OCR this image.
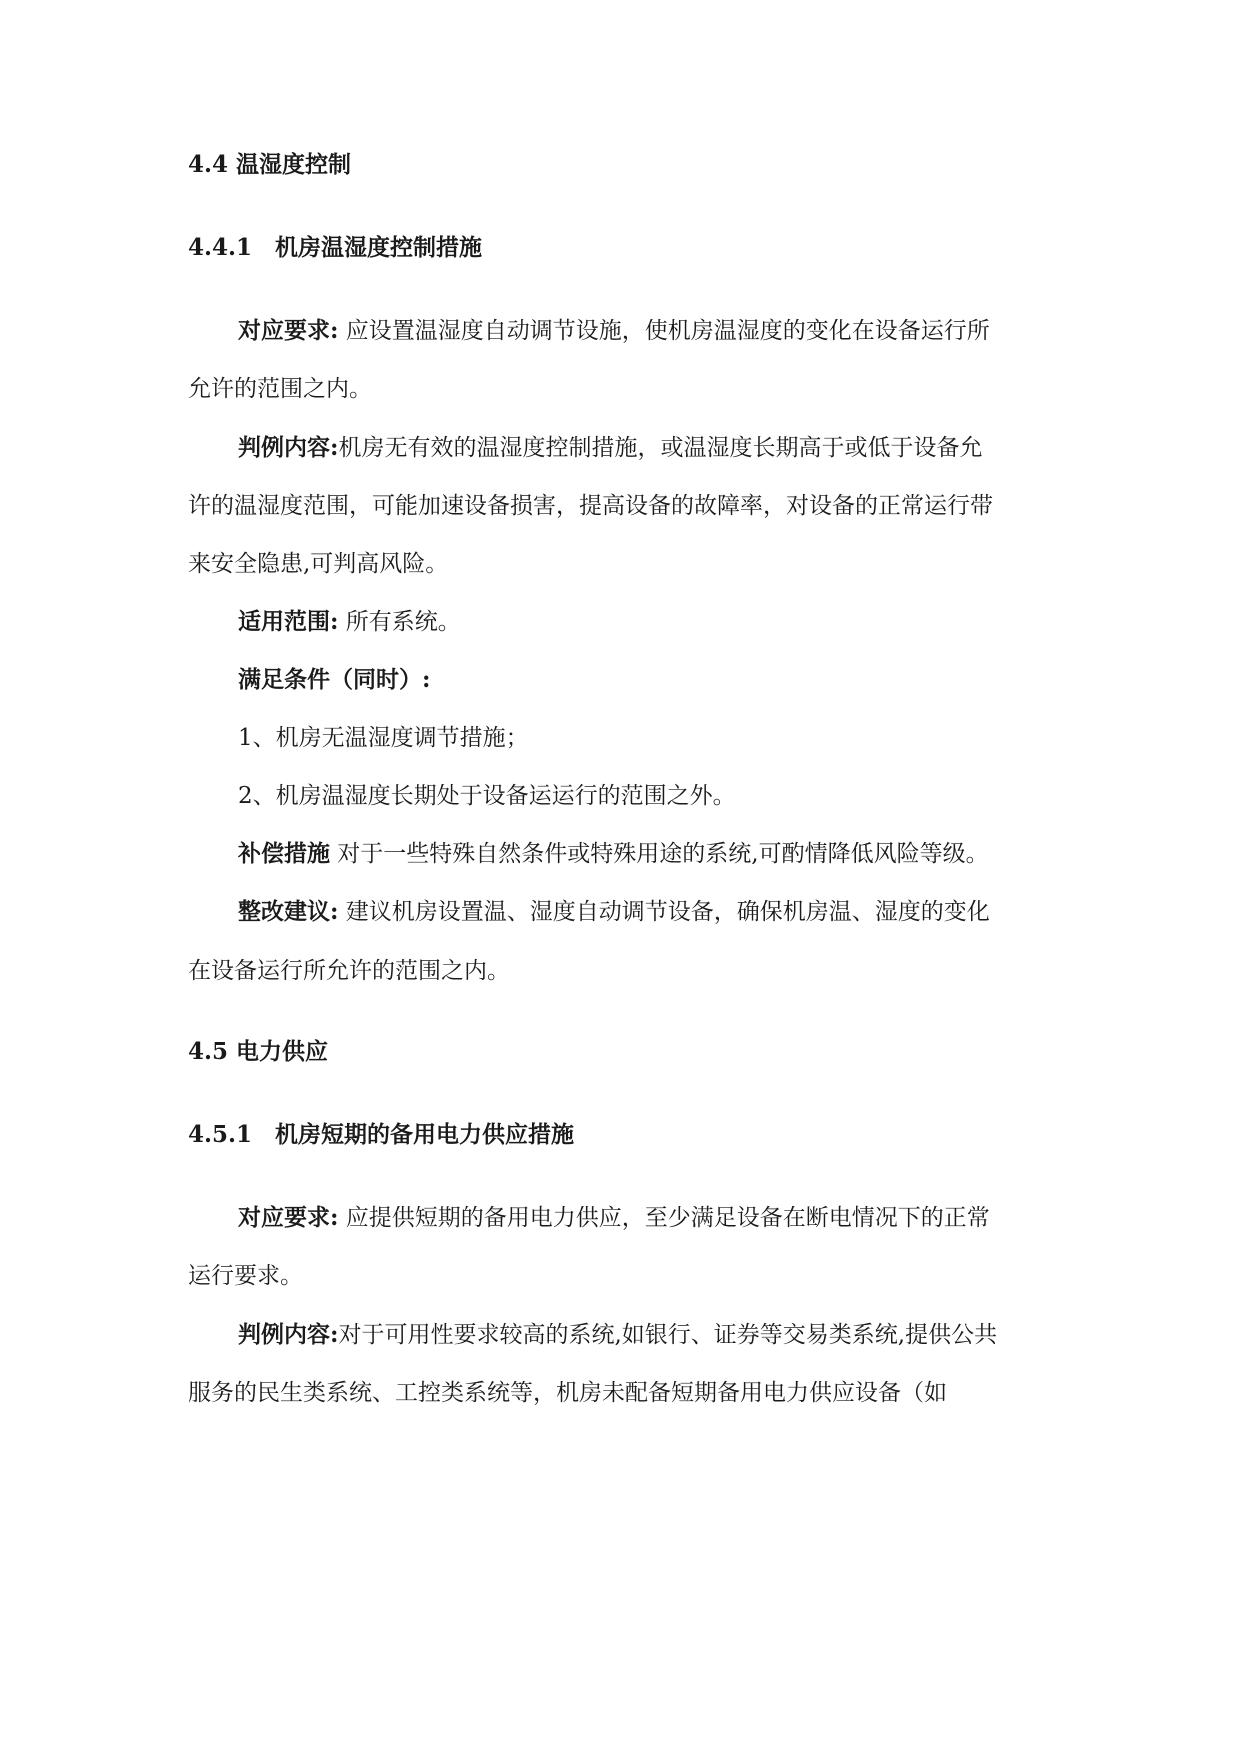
4.4 温湿度控制
4.4.1　机房温湿度控制措施
对应要求: 应设置温湿度自动调节设施，使机房温湿度的变化在设备运行所
允许的范围之内。
判例内容:机房无有效的温湿度控制措施，或温湿度长期高于或低于设备允
许的温湿度范围，可能加速设备损害，提高设备的故障率，对设备的正常运行带
来安全隐患,可判高风险。
适用范围: 所有系统。
满足条件（同时）:
1、机房无温湿度调节措施；
2、机房温湿度长期处于设备运运行的范围之外。
补偿措施 对于一些特殊自然条件或特殊用途的系统,可酌情降低风险等级。
整改建议: 建议机房设置温、湿度自动调节设备，确保机房温、湿度的变化
在设备运行所允许的范围之内。
4.5 电力供应
4.5.1　机房短期的备用电力供应措施
对应要求: 应提供短期的备用电力供应，至少满足设备在断电情况下的正常
运行要求。
判例内容:对于可用性要求较高的系统,如银行、证券等交易类系统,提供公共
服务的民生类系统、工控类系统等，机房未配备短期备用电力供应设备（如
